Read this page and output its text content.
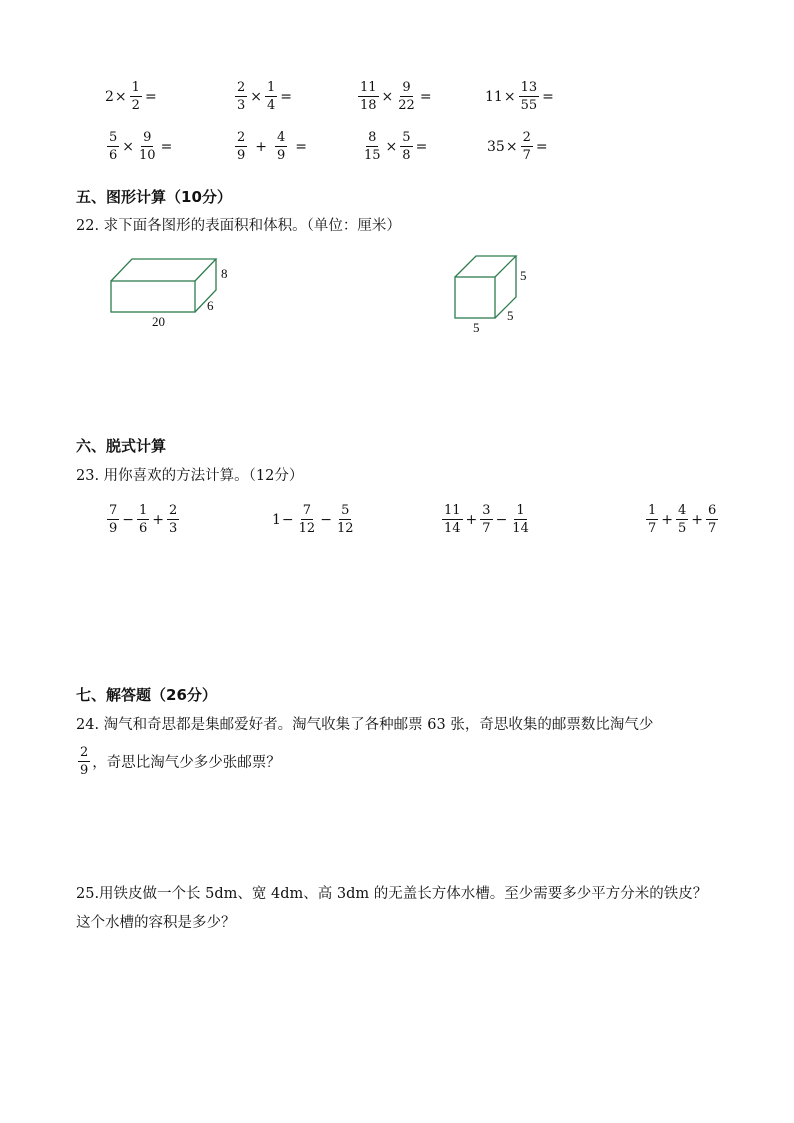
$2 \times \frac{1}{2}$ =	$\frac{2}{3} \times \frac{1}{4}$ =	$\frac{11}{18} \times \frac{9}{22}$ =	$11 \times \frac{13}{55}$ =
$\frac{5}{6} \times \frac{9}{10}$ =	$\frac{2}{9} + \frac{4}{9}$ =	$\frac{8}{15} \times \frac{5}{8}$ =	$35 \times \frac{2}{7}$ =
五、图形计算（10分）
22. 求下面各图形的表面积和体积。（单位：厘米）
8
6
20
5
5
5
六、脱式计算
23. 用你喜欢的方法计算。（12分）
$\frac{7}{9} - \frac{1}{6} + \frac{2}{3}$	$1 - \frac{7}{12} - \frac{5}{12}$	$\frac{11}{14} + \frac{3}{7} - \frac{1}{14}$	$\frac{1}{7} + \frac{4}{5} + \frac{6}{7}$
七、解答题（26分）
24. 淘气和奇思都是集邮爱好者。淘气收集了各种邮票 63 张，奇思收集的邮票数比淘气少
$\frac{2}{9}$ ，奇思比淘气少多少张邮票？
25.用铁皮做一个长 5dm、宽 4dm、高 3dm 的无盖长方体水槽。至少需要多少平方分米的铁皮？
这个水槽的容积是多少？
